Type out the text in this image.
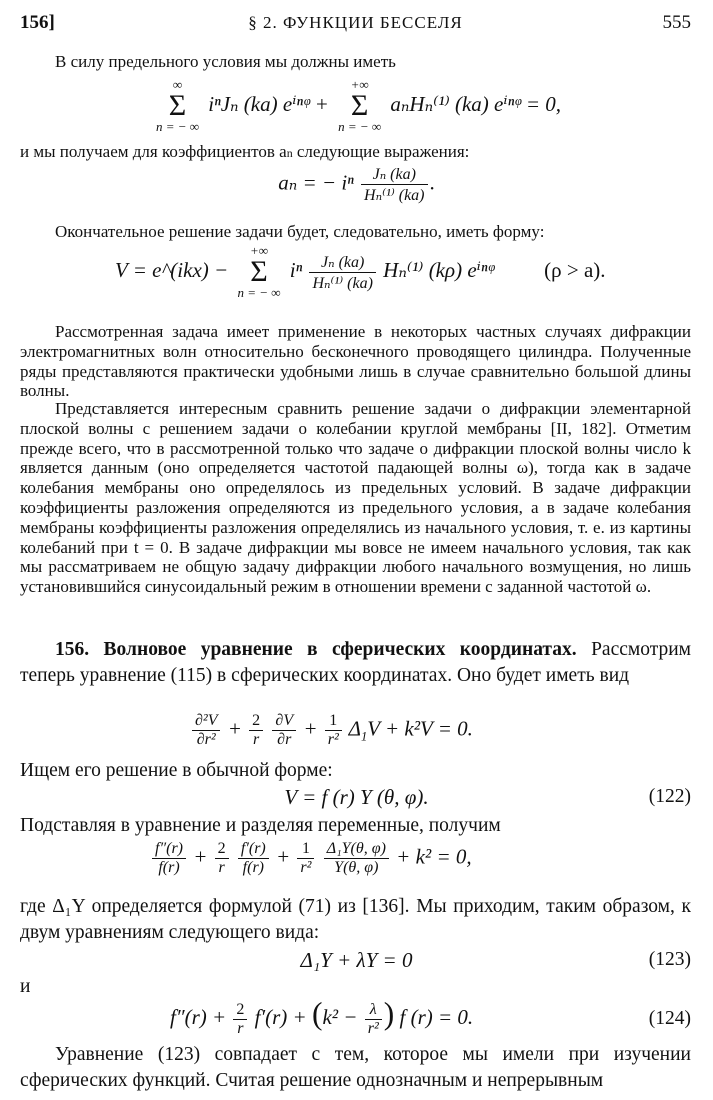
156]	§ 2. ФУНКЦИИ БЕССЕЛЯ	555
В силу предельного условия мы должны иметь
∞
Σ
n = − ∞
iⁿJₙ (ka) eⁱⁿᵠ +
+∞
Σ
n = − ∞
aₙHₙ⁽¹⁾ (ka) eⁱⁿᵠ = 0,
и мы получаем для коэффициентов an следующие выражения:
aₙ = − iⁿ $\frac{\text{Jₙ (ka)}}{\text{Hₙ⁽¹⁾ (ka)}}$ .
Окончательное решение задачи будет, следовательно, иметь форму:
V = e^(ikx) −
+∞
Σ
n = − ∞
iⁿ $\frac{\text{Jₙ (ka)}}{\text{Hₙ⁽¹⁾ (ka)}} H_n^{(1)}$ (kρ) eⁱⁿᵠ (ρ > a).
Рассмотренная задача имеет применение в некоторых частных случаях дифракции электромагнитных волн относительно бесконечного проводящего цилиндра. Полученные ряды представляются практически удобными лишь в случае сравнительно большой длины волны.
Представляется интересным сравнить решение задачи о дифракции элементарной плоской волны с решением задачи о колебании круглой мембраны [II, 182]. Отметим прежде всего, что в рассмотренной только что задаче о дифракции плоской волны число k является данным (оно определяется частотой падающей волны ω), тогда как в задаче колебания мембраны оно определялось из предельных условий. В задаче дифракции коэффициенты разложения определяются из предельного условия, а в задаче колебания мембраны коэффициенты разложения определялись из начального условия, т. е. из картины колебаний при t = 0. В задаче дифракции мы вовсе не имеем начального условия, так как мы рассматриваем не общую задачу дифракции любого начального возмущения, но лишь установившийся синусоидальный режим в отношении времени с заданной частотой ω.
156. Волновое уравнение в сферических координатах. Рассмотрим теперь уравнение (115) в сферических координатах. Оно будет иметь вид
$\frac{\text{∂²V}}{\text{∂r²}} + \frac{2}{r}$
$\frac{\partial V}{\partial r} + \frac{1}{\text{r²}} \Delta_1V + k^2V = 0$.
Ищем его решение в обычной форме:
V = f (r) Y (θ, φ).	(122)
Подставляя в уравнение и разделяя переменные, получим
$\frac{f''(r)}{f(r)} + \frac{2}{r}$
$\frac{f'(r)}{f(r)} + \frac{1}{\text{r²}}$
$\frac{\text{Δ₁Y(θ, φ)}}{Y(\theta, \varphi)} + k^2 = 0$,
где Δ₁Y определяется формулой (71) из [136]. Мы приходим, таким образом, к двум уравнениям следующего вида:
Δ₁Y + λY = 0	(123)
и
$f''(r) + \frac{2}{r} f'(r) + (k^2 - \frac{\lambda}{\text{r²}}$ ) f (r) = 0.	(124)
Уравнение (123) совпадает с тем, которое мы имели при изучении сферических функций. Считая решение однозначным и непрерывным
